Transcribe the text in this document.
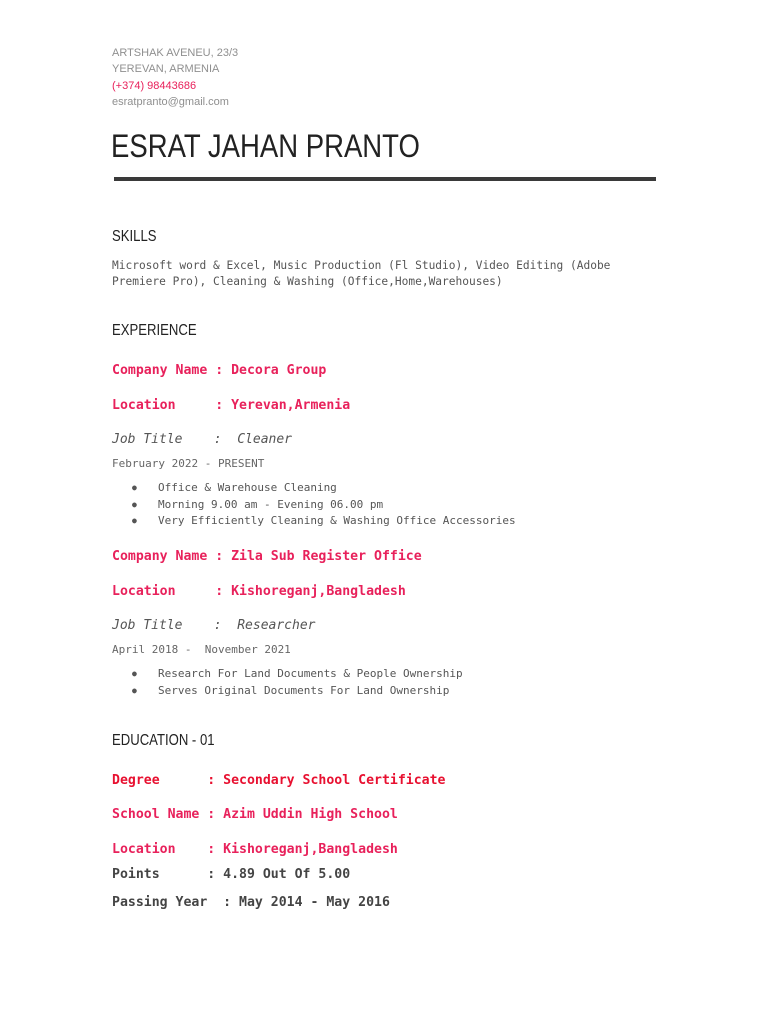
ARTSHAK AVENEU, 23/3
YEREVAN, ARMENIA
(+374) 98443686
esratpranto@gmail.com
ESRAT JAHAN PRANTO
SKILLS
Microsoft word & Excel, Music Production (Fl Studio), Video Editing (Adobe
Premiere Pro), Cleaning & Washing (Office,Home,Warehouses)
EXPERIENCE
Company Name : Decora Group
Location     : Yerevan,Armenia
Job Title    :  Cleaner
February 2022 - PRESENT
● Office & Warehouse Cleaning
● Morning 9.00 am - Evening 06.00 pm
● Very Efficiently Cleaning & Washing Office Accessories
Company Name : Zila Sub Register Office
Location     : Kishoreganj,Bangladesh
Job Title    :  Researcher
April 2018 -  November 2021
● Research For Land Documents & People Ownership
● Serves Original Documents For Land Ownership
EDUCATION - 01
Degree      : Secondary School Certificate
School Name : Azim Uddin High School
Location    : Kishoreganj,Bangladesh
Points      : 4.89 Out Of 5.00
Passing Year  : May 2014 - May 2016
